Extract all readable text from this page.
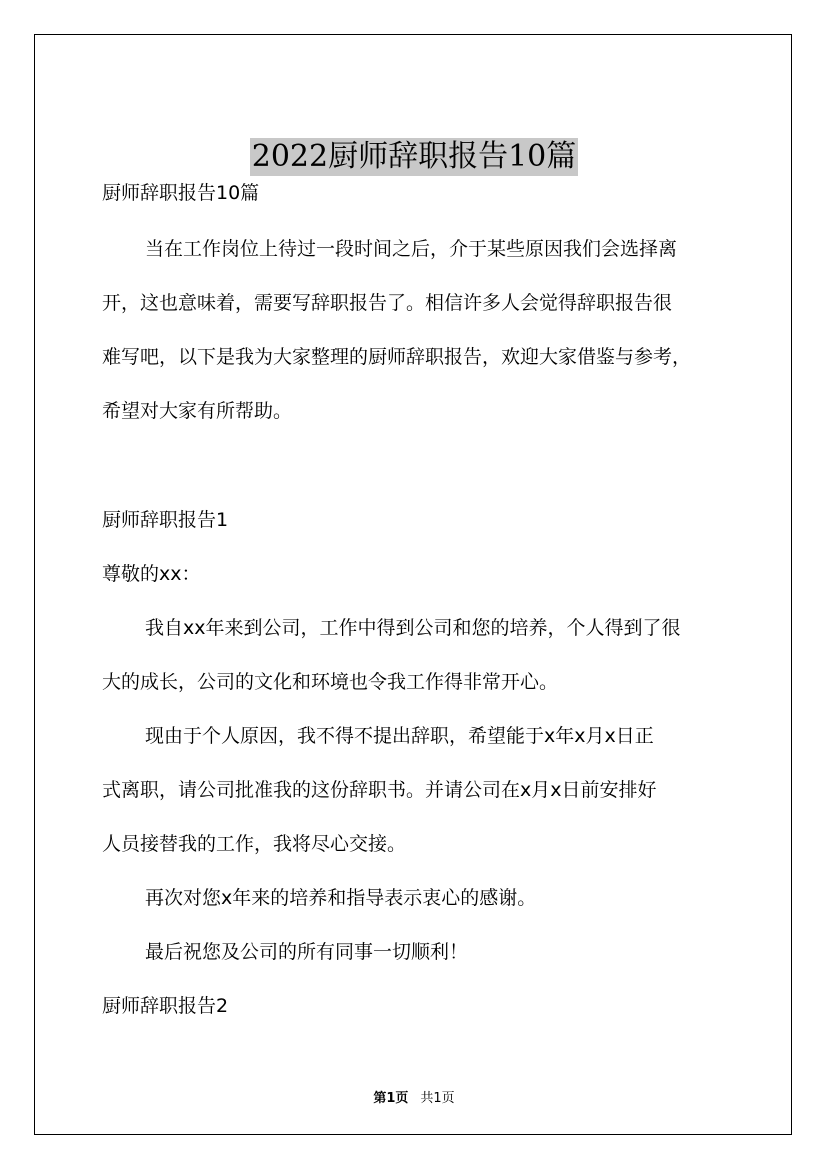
2022厨师辞职报告10篇
厨师辞职报告10篇
当在工作岗位上待过一段时间之后，介于某些原因我们会选择离
开，这也意味着，需要写辞职报告了。相信许多人会觉得辞职报告很
难写吧，以下是我为大家整理的厨师辞职报告，欢迎大家借鉴与参考，
希望对大家有所帮助。
厨师辞职报告1
尊敬的xx：
我自xx年来到公司，工作中得到公司和您的培养，个人得到了很
大的成长，公司的文化和环境也令我工作得非常开心。
现由于个人原因，我不得不提出辞职，希望能于x年x月x日正
式离职，请公司批准我的这份辞职书。并请公司在x月x日前安排好
人员接替我的工作，我将尽心交接。
再次对您x年来的培养和指导表示衷心的感谢。
最后祝您及公司的所有同事一切顺利！
厨师辞职报告2
第1页 共1页
